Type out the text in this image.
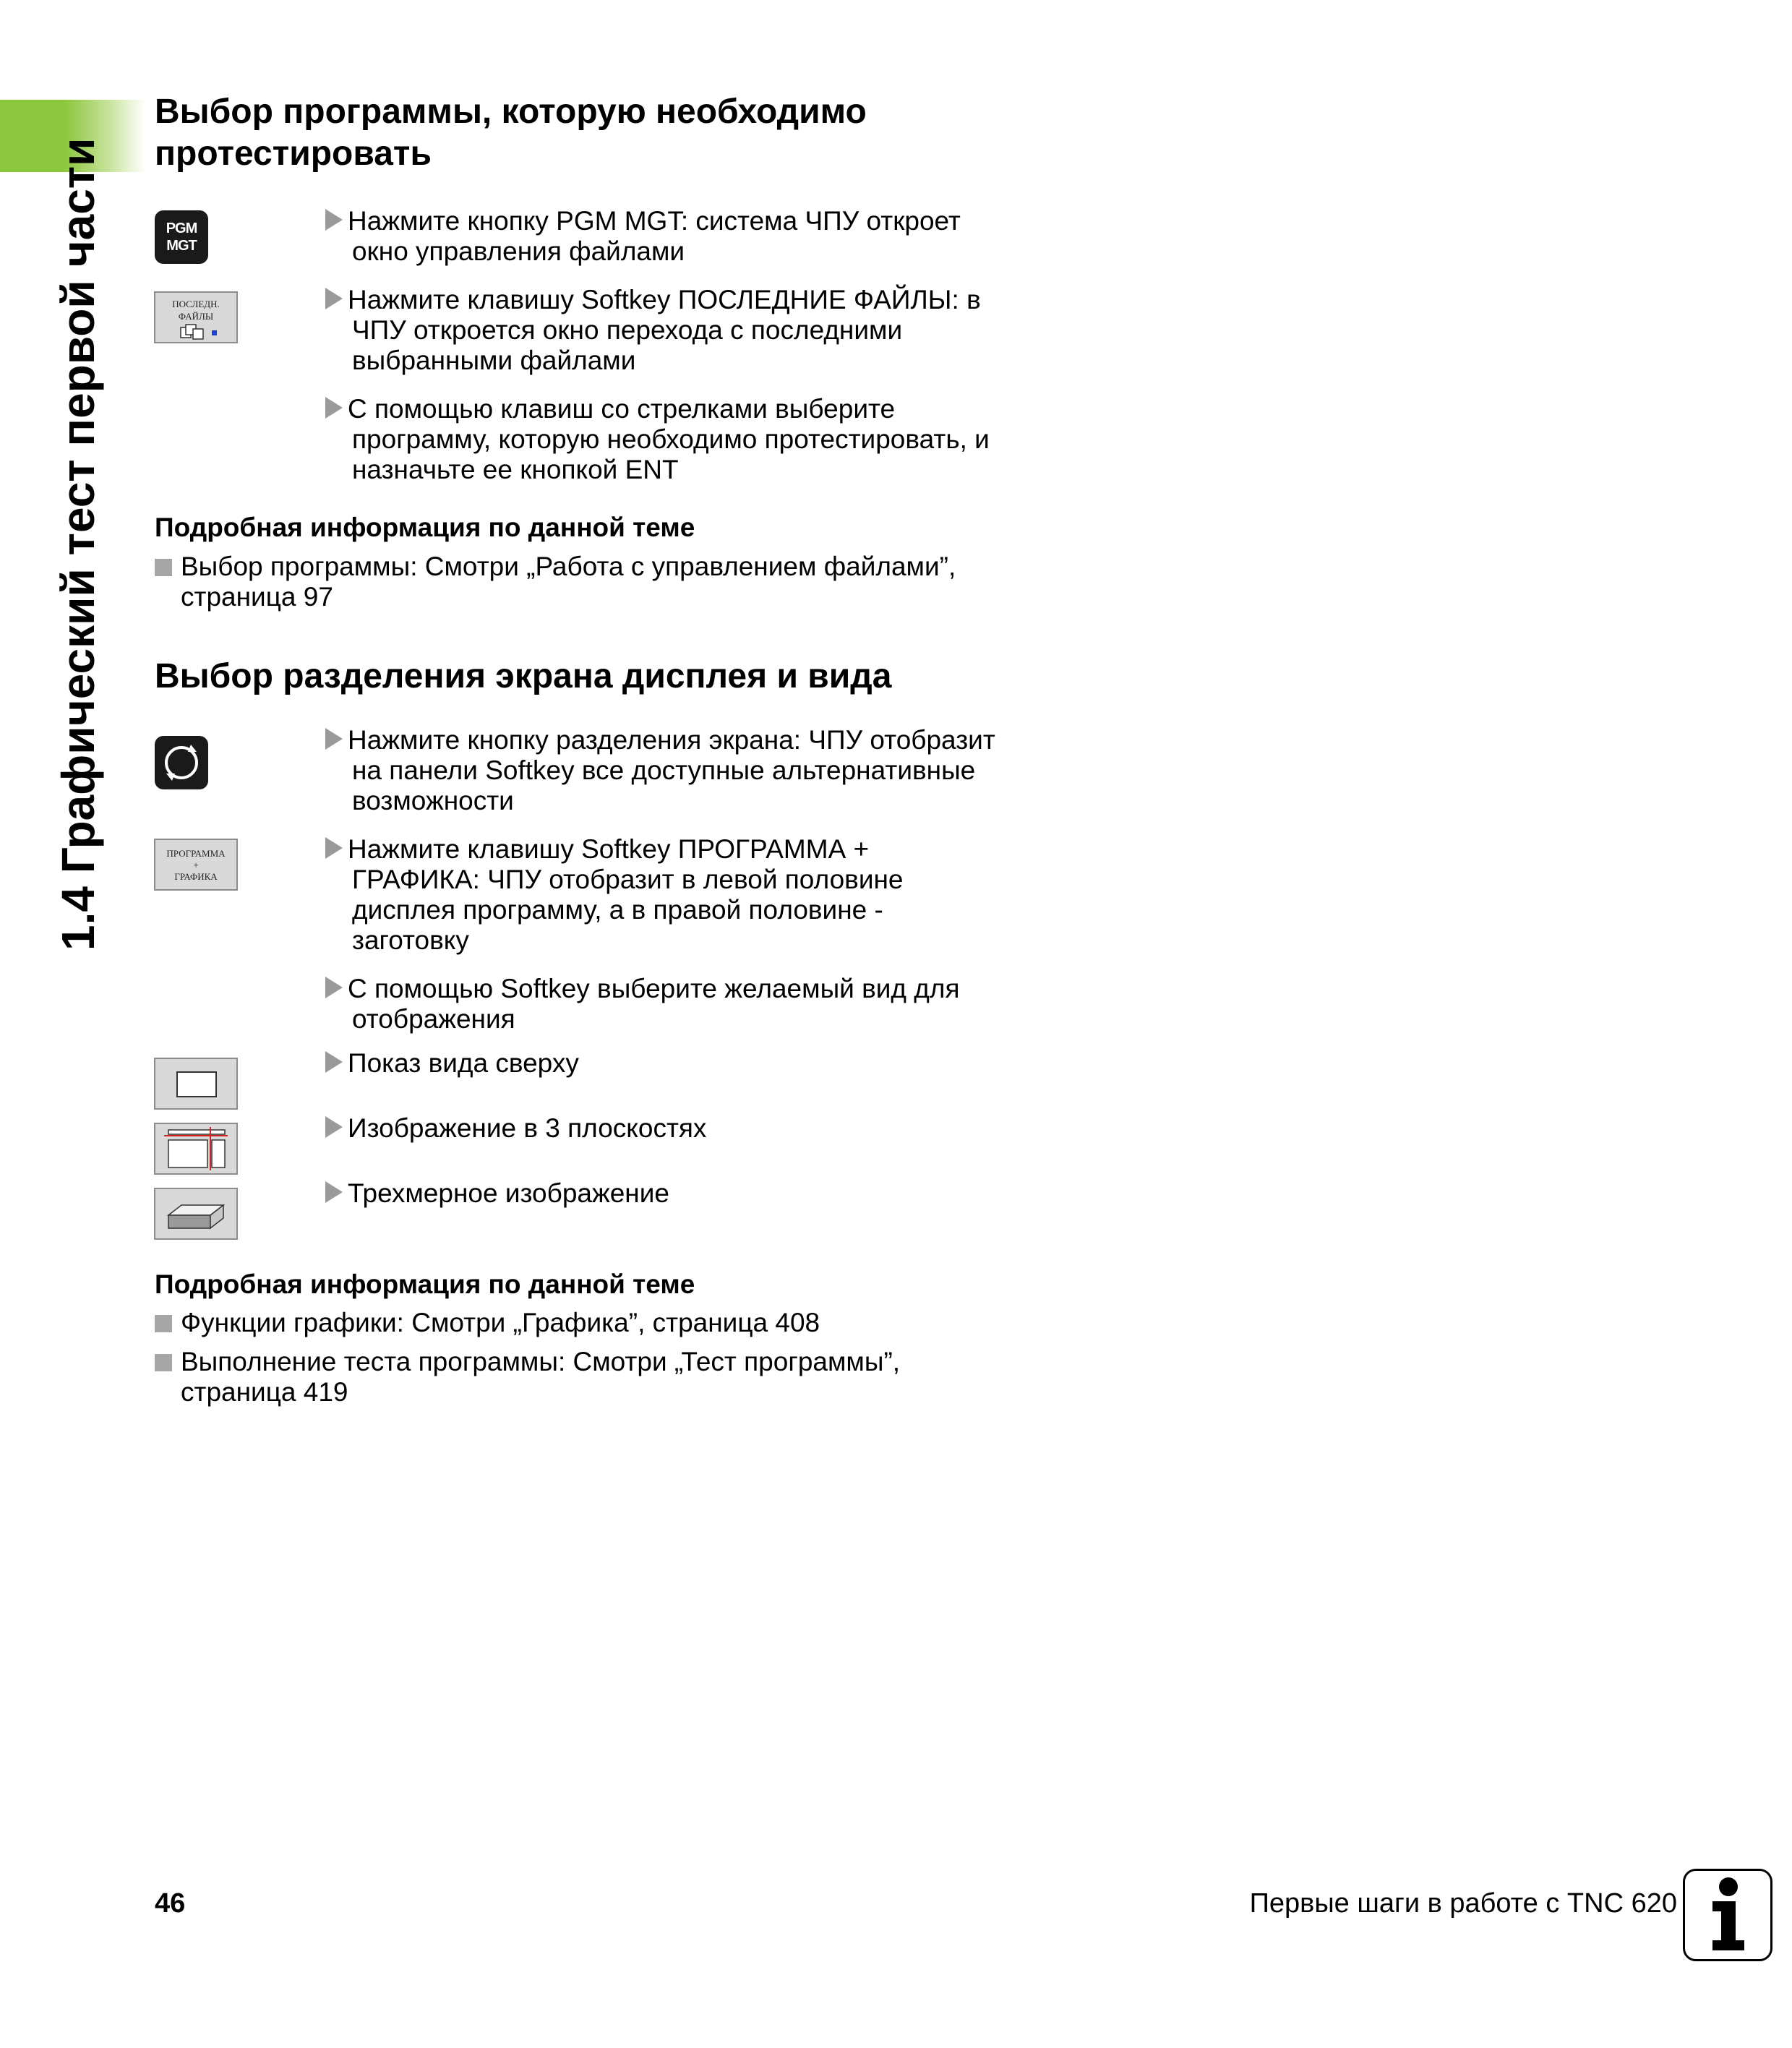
1.4 Графический тест первой части
Выбор программы, которую необходимо
протестировать
PGM
MGT
ПОСЛЕДН.
ФАЙЛЫ
Нажмите кнопку PGM MGT: система ЧПУ откроет окно управления файлами
Нажмите клавишу Softkey ПОСЛЕДНИЕ ФАЙЛЫ: в ЧПУ откроется окно перехода с последними выбранными файлами
С помощью клавиш со стрелками выберите программу, которую необходимо протестировать, и назначьте ее кнопкой ENT
Подробная информация по данной теме
Выбор программы: Смотри „Работа с управлением файлами”, страница 97
Выбор разделения экрана дисплея и вида
ПРОГРАММА
+
ГРАФИКА
Нажмите кнопку разделения экрана: ЧПУ отобразит на панели Softkey все доступные альтернативные возможности
Нажмите клавишу Softkey ПРОГРАММА + ГРАФИКА: ЧПУ отобразит в левой половине дисплея программу, а в правой половине - заготовку
С помощью Softkey выберите желаемый вид для отображения
Показ вида сверху
Изображение в 3 плоскостях
Трехмерное изображение
Подробная информация по данной теме
Функции графики: Смотри „Графика”, страница 408
Выполнение теста программы: Смотри „Тест программы”, страница 419
46	Первые шаги в работе с TNC 620
